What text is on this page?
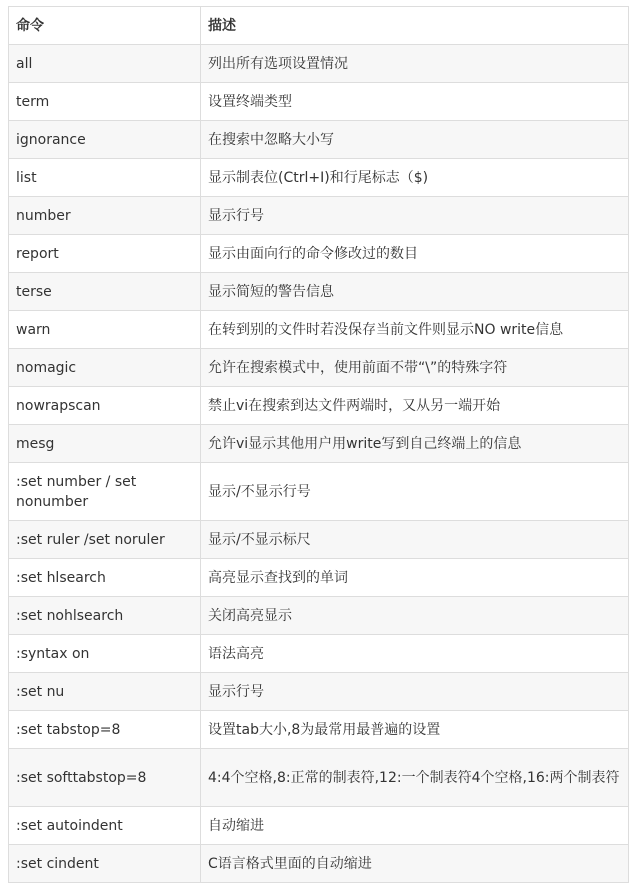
命令	描述
all	列出所有选项设置情况
term	设置终端类型
ignorance	在搜索中忽略大小写
list	显示制表位(Ctrl+I)和行尾标志（$)
number	显示行号
report	显示由面向行的命令修改过的数目
terse	显示简短的警告信息
warn	在转到别的文件时若没保存当前文件则显示NO write信息
nomagic	允许在搜索模式中，使用前面不带“\”的特殊字符
nowrapscan	禁止vi在搜索到达文件两端时，又从另一端开始
mesg	允许vi显示其他用户用write写到自己终端上的信息
:set number / set nonumber	显示/不显示行号
:set ruler /set noruler	显示/不显示标尺
:set hlsearch	高亮显示查找到的单词
:set nohlsearch	关闭高亮显示
:syntax on	语法高亮
:set nu	显示行号
:set tabstop=8	设置tab大小,8为最常用最普遍的设置
:set softtabstop=8	4:4个空格,8:正常的制表符,12:一个制表符4个空格,16:两个制表符
:set autoindent	自动缩进
:set cindent	C语言格式里面的自动缩进
